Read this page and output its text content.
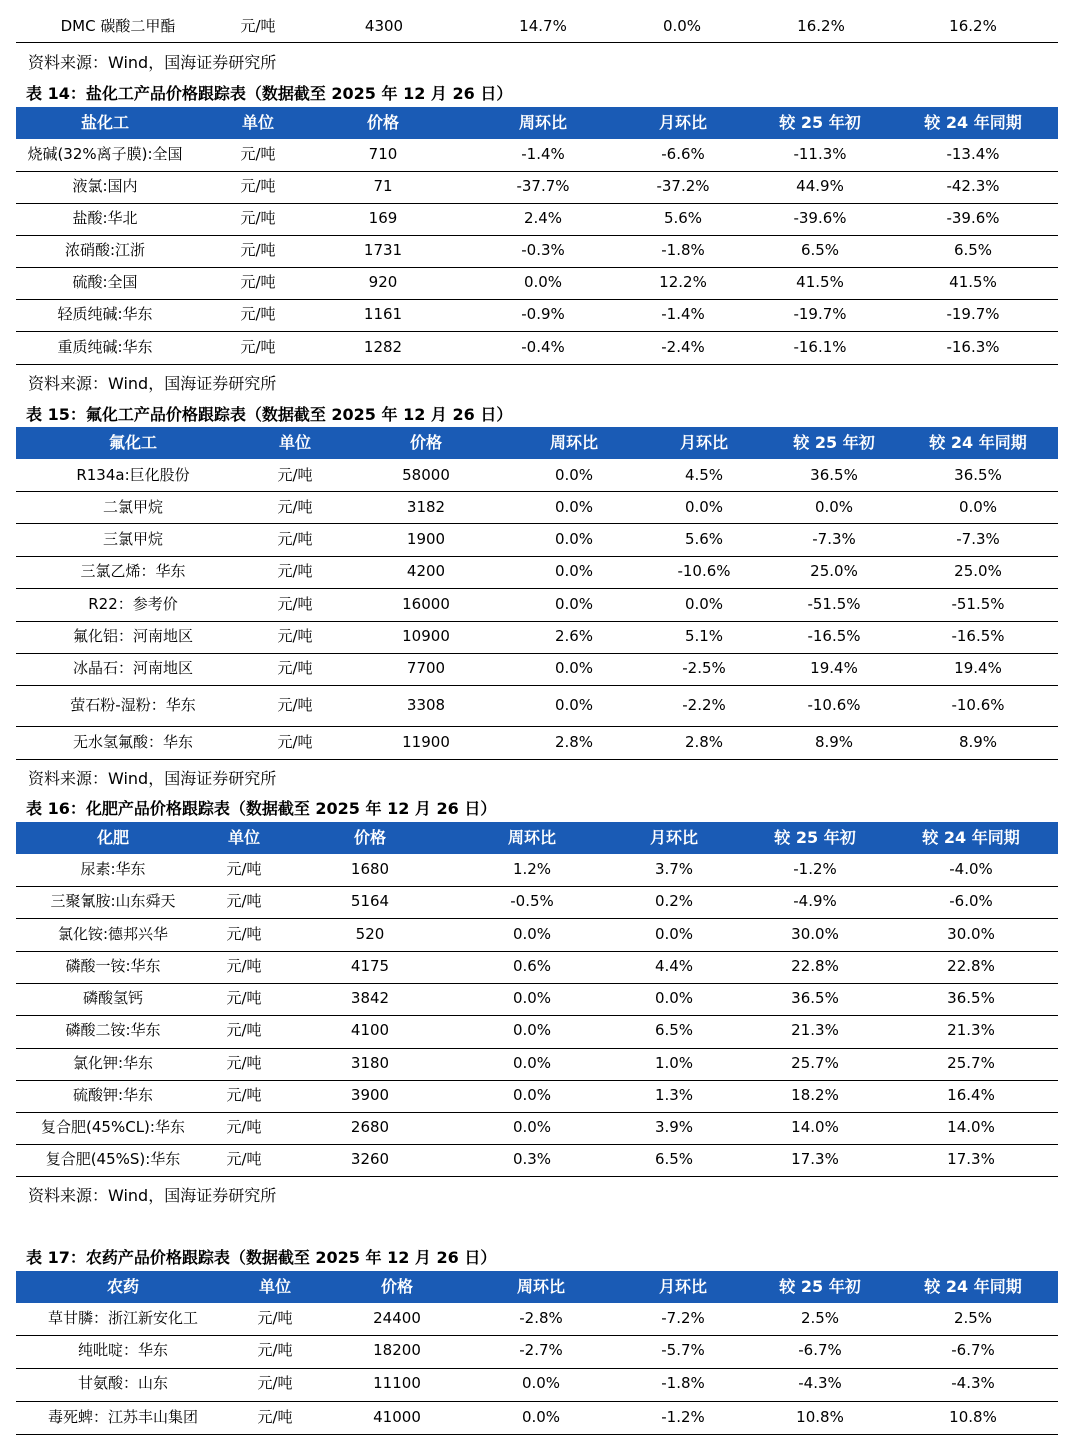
DMC 碳酸二甲酯	元/吨	4300	14.7%	0.0%	16.2%	16.2%
资料来源：Wind，国海证券研究所
表 14：盐化工产品价格跟踪表（数据截至 2025 年 12 月 26 日）
盐化工	单位	价格	周环比	月环比	较 25 年初	较 24 年同期
烧碱(32%离子膜):全国	元/吨	710	-1.4%	-6.6%	-11.3%	-13.4%
液氯:国内	元/吨	71	-37.7%	-37.2%	44.9%	-42.3%
盐酸:华北	元/吨	169	2.4%	5.6%	-39.6%	-39.6%
浓硝酸:江浙	元/吨	1731	-0.3%	-1.8%	6.5%	6.5%
硫酸:全国	元/吨	920	0.0%	12.2%	41.5%	41.5%
轻质纯碱:华东	元/吨	1161	-0.9%	-1.4%	-19.7%	-19.7%
重质纯碱:华东	元/吨	1282	-0.4%	-2.4%	-16.1%	-16.3%
资料来源：Wind，国海证券研究所
表 15：氟化工产品价格跟踪表（数据截至 2025 年 12 月 26 日）
氟化工	单位	价格	周环比	月环比	较 25 年初	较 24 年同期
R134a:巨化股份	元/吨	58000	0.0%	4.5%	36.5%	36.5%
二氯甲烷	元/吨	3182	0.0%	0.0%	0.0%	0.0%
三氯甲烷	元/吨	1900	0.0%	5.6%	-7.3%	-7.3%
三氯乙烯：华东	元/吨	4200	0.0%	-10.6%	25.0%	25.0%
R22：参考价	元/吨	16000	0.0%	0.0%	-51.5%	-51.5%
氟化铝：河南地区	元/吨	10900	2.6%	5.1%	-16.5%	-16.5%
冰晶石：河南地区	元/吨	7700	0.0%	-2.5%	19.4%	19.4%
萤石粉-湿粉：华东	元/吨	3308	0.0%	-2.2%	-10.6%	-10.6%
无水氢氟酸：华东	元/吨	11900	2.8%	2.8%	8.9%	8.9%
资料来源：Wind，国海证券研究所
表 16：化肥产品价格跟踪表（数据截至 2025 年 12 月 26 日）
化肥	单位	价格	周环比	月环比	较 25 年初	较 24 年同期
尿素:华东	元/吨	1680	1.2%	3.7%	-1.2%	-4.0%
三聚氰胺:山东舜天	元/吨	5164	-0.5%	0.2%	-4.9%	-6.0%
氯化铵:德邦兴华	元/吨	520	0.0%	0.0%	30.0%	30.0%
磷酸一铵:华东	元/吨	4175	0.6%	4.4%	22.8%	22.8%
磷酸氢钙	元/吨	3842	0.0%	0.0%	36.5%	36.5%
磷酸二铵:华东	元/吨	4100	0.0%	6.5%	21.3%	21.3%
氯化钾:华东	元/吨	3180	0.0%	1.0%	25.7%	25.7%
硫酸钾:华东	元/吨	3900	0.0%	1.3%	18.2%	16.4%
复合肥(45%CL):华东	元/吨	2680	0.0%	3.9%	14.0%	14.0%
复合肥(45%S):华东	元/吨	3260	0.3%	6.5%	17.3%	17.3%
资料来源：Wind，国海证券研究所
表 17：农药产品价格跟踪表（数据截至 2025 年 12 月 26 日）
农药	单位	价格	周环比	月环比	较 25 年初	较 24 年同期
草甘膦：浙江新安化工	元/吨	24400	-2.8%	-7.2%	2.5%	2.5%
纯吡啶：华东	元/吨	18200	-2.7%	-5.7%	-6.7%	-6.7%
甘氨酸：山东	元/吨	11100	0.0%	-1.8%	-4.3%	-4.3%
毒死蜱：江苏丰山集团	元/吨	41000	0.0%	-1.2%	10.8%	10.8%
